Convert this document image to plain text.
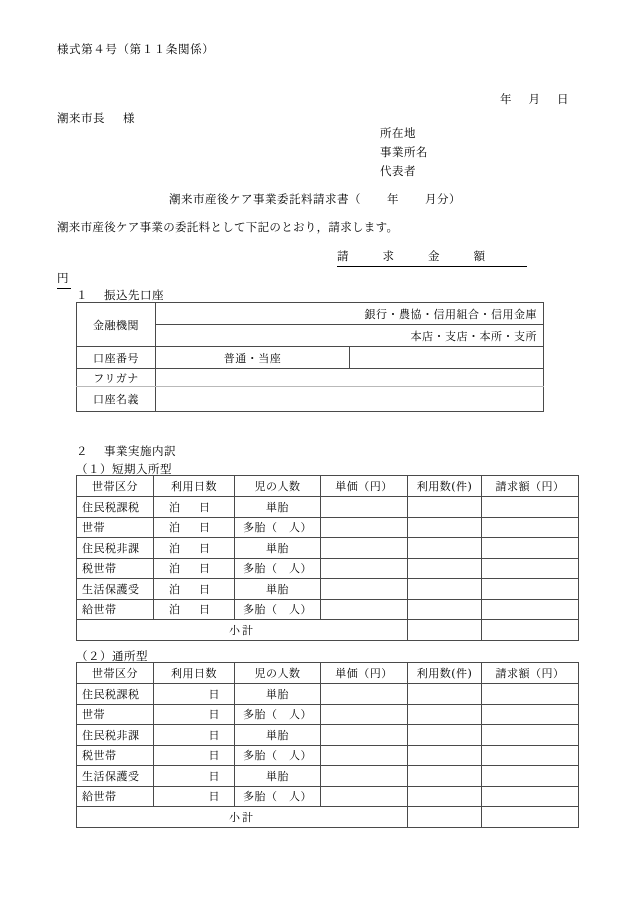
様式第４号（第１１条関係）
年 月 日
潮来市長 様
所在地
事業所名
代表者
潮来市産後ケア事業委託料請求書（ 年 月分）
潮来市産後ケア事業の委託料として下記のとおり，請求します。
請	求	金	額
円
１ 振込先口座
金融機関	銀行・農協・信用組合・信用金庫	
	本店・支店・本所・支所	
口座番号	普通・当座	
フリガナ		
口座名義		
２ 事業実施内訳
（１）短期入所型
世帯区分	利用日数	児の人数	単価（円）	利用数(件)	請求額（円）
住民税課税	泊 日	単胎			
世帯	泊 日	多胎（　人）			
住民税非課	泊 日	単胎			
税世帯	泊 日	多胎（　人）			
生活保護受	泊 日	単胎			
給世帯	泊 日	多胎（　人）			
小計					
（２）通所型
世帯区分	利用日数	児の人数	単価（円）	利用数(件)	請求額（円）
住民税課税	日	単胎			
世帯	日	多胎（　人）			
住民税非課	日	単胎			
税世帯	日	多胎（　人）			
生活保護受	日	単胎			
給世帯	日	多胎（　人）			
小計					
